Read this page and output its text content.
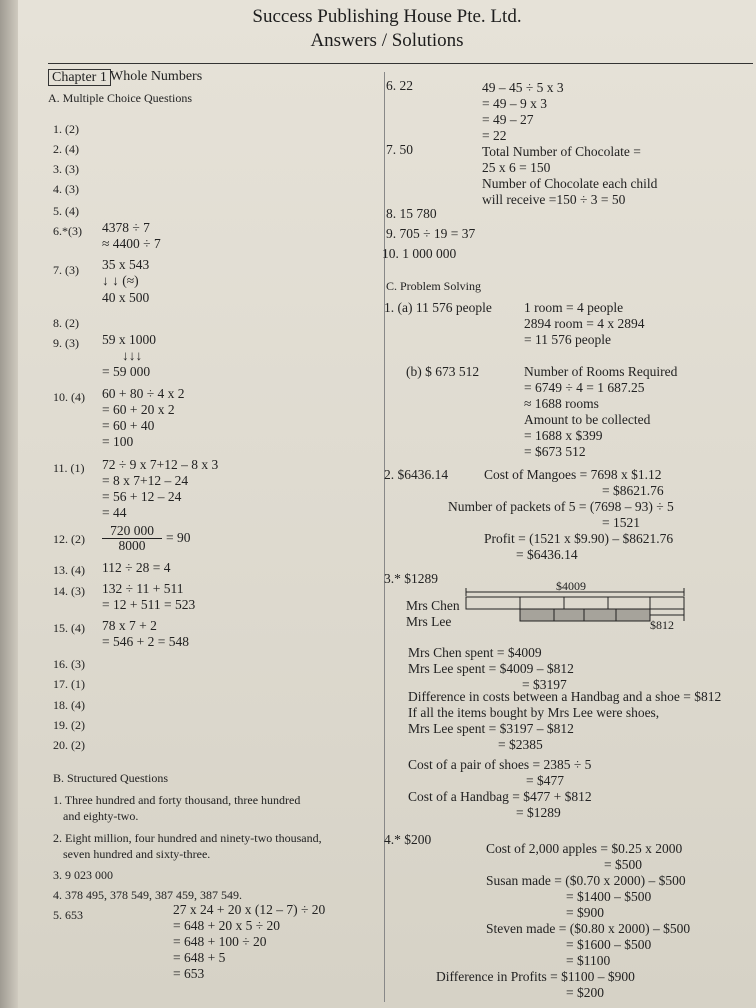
Success Publishing House Pte. Ltd.
Answers / Solutions
Chapter 1 Whole Numbers
A. Multiple Choice Questions
1. (2)
2. (4)
3. (3)
4. (3)
5. (4)
6.*(3) 4378 ÷ 7
≈ 4400 ÷ 7
7. (3) 35 x 543
↓ ↓ (≈)
40 x 500
8. (2)
9. (3) 59 x 1000
↓↓↓
= 59 000
10. (4) 60 + 80 ÷ 4 x 2
= 60 + 20 x 2
= 60 + 40
= 100
11. (1) 72 ÷ 9 x 7+12 – 8 x 3
= 8 x 7+12 – 24
= 56 + 12 – 24
= 44
12. $(2) \frac{720 000}{8000} = 90$
13. (4) 112 ÷ 28 = 4
14. (3) 132 ÷ 11 + 511
= 12 + 511 = 523
15. (4) 78 x 7 + 2
= 546 + 2 = 548
16. (3)
17. (1)
18. (4)
19. (2)
20. (2)
B. Structured Questions
1. Three hundred and forty thousand, three hundred
and eighty-two.
2. Eight million, four hundred and ninety-two thousand,
seven hundred and sixty-three.
3. 9 023 000
4. 378 495, 378 549, 387 459, 387 549.
5. 653	27 x 24 + 20 x (12 – 7) ÷ 20
= 648 + 20 x 5 ÷ 20
= 648 + 100 ÷ 20
= 648 + 5
= 653
6. 22	49 – 45 ÷ 5 x 3
= 49 – 9 x 3
= 49 – 27
= 22
7. 50	Total Number of Chocolate =
25 x 6 = 150
Number of Chocolate each child
will receive =150 ÷ 3 = 50
8. 15 780
9. 705 ÷ 19 = 37
10. 1 000 000
C. Problem Solving
1. (a) 11 576 people 1 room = 4 people
2894 room = 4 x 2894
= 11 576 people
(b) $ 673 512	Number of Rooms Required
= 6749 ÷ 4 = 1 687.25
≈ 1688 rooms
Amount to be collected
= 1688 x $399
= $673 512
2. $6436.14	Cost of Mangoes = 7698 x $1.12
= $8621.76
Number of packets of 5 = (7698 – 93) ÷ 5
= 1521
Profit = (1521 x $9.90) – $8621.76
= $6436.14
3.* $1289	$4009
Mrs Chen
Mrs Lee	$812
Mrs Chen spent = $4009
Mrs Lee spent = $4009 – $812
= $3197
Difference in costs between a Handbag and a shoe = $812
If all the items bought by Mrs Lee were shoes,
Mrs Lee spent = $3197 – $812
= $2385
Cost of a pair of shoes = 2385 ÷ 5
= $477
Cost of a Handbag = $477 + $812
= $1289
4.* $200
Cost of 2,000 apples = $0.25 x 2000
= $500
Susan made = ($0.70 x 2000) – $500
= $1400 – $500
= $900
Steven made = ($0.80 x 2000) – $500
= $1600 – $500
= $1100
Difference in Profits = $1100 – $900
= $200
